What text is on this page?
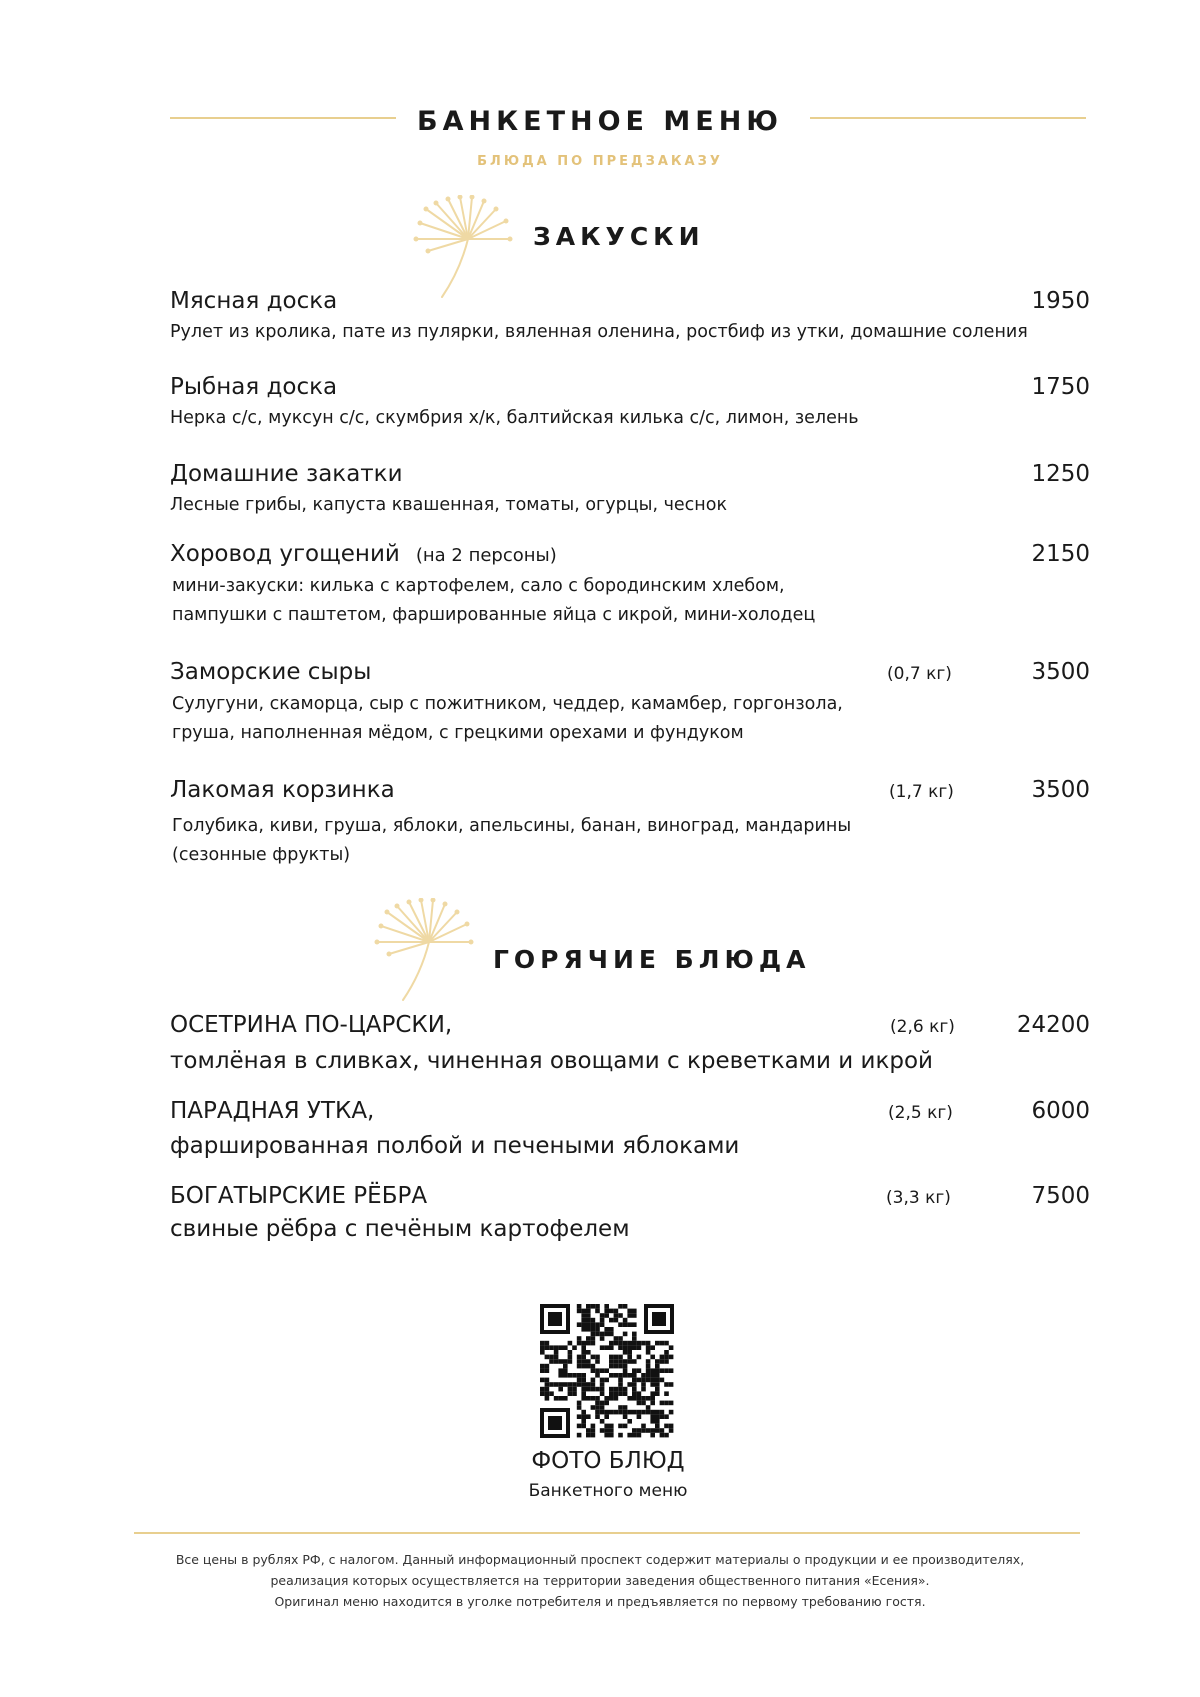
БАНКЕТНОЕ МЕНЮ
БЛЮДА ПО ПРЕДЗАКАЗУ
ЗАКУСКИ
Мясная доска	1950
Рулет из кролика, пате из пулярки, вяленная оленина, ростбиф из утки, домашние соления
Рыбная доска	1750
Нерка с/с, муксун с/с, скумбрия х/к, балтийская килька с/с, лимон, зелень
Домашние закатки	1250
Лесные грибы, капуста квашенная, томаты, огурцы, чеснок
Хоровод угощений (на 2 персоны)	2150
мини-закуски: килька с картофелем, сало с бородинским хлебом,
пампушки с паштетом, фаршированные яйца с икрой, мини-холодец
Заморские сыры	(0,7 кг)	3500
Сулугуни, скаморца, сыр с пожитником, чеддер, камамбер, горгонзола,
груша, наполненная мёдом, с грецкими орехами и фундуком
Лакомая корзинка	(1,7 кг)	3500
Голубика, киви, груша, яблоки, апельсины, банан, виноград, мандарины
(сезонные фрукты)
ГОРЯЧИЕ БЛЮДА
ОСЕТРИНА ПО-ЦАРСКИ,	(2,6 кг)	24200
томлёная в сливках, чиненная овощами с креветками и икрой
ПАРАДНАЯ УТКА,	(2,5 кг)	6000
фаршированная полбой и печеными яблоками
БОГАТЫРСКИЕ РЁБРА	(3,3 кг)	7500
свиные рёбра с печёным картофелем
ФОТО БЛЮД
Банкетного меню
Все цены в рублях РФ, с налогом. Данный информационный проспект содержит материалы о продукции и ее производителях,
реализация которых осуществляется на территории заведения общественного питания «Есения».
Оригинал меню находится в уголке потребителя и предъявляется по первому требованию гостя.
